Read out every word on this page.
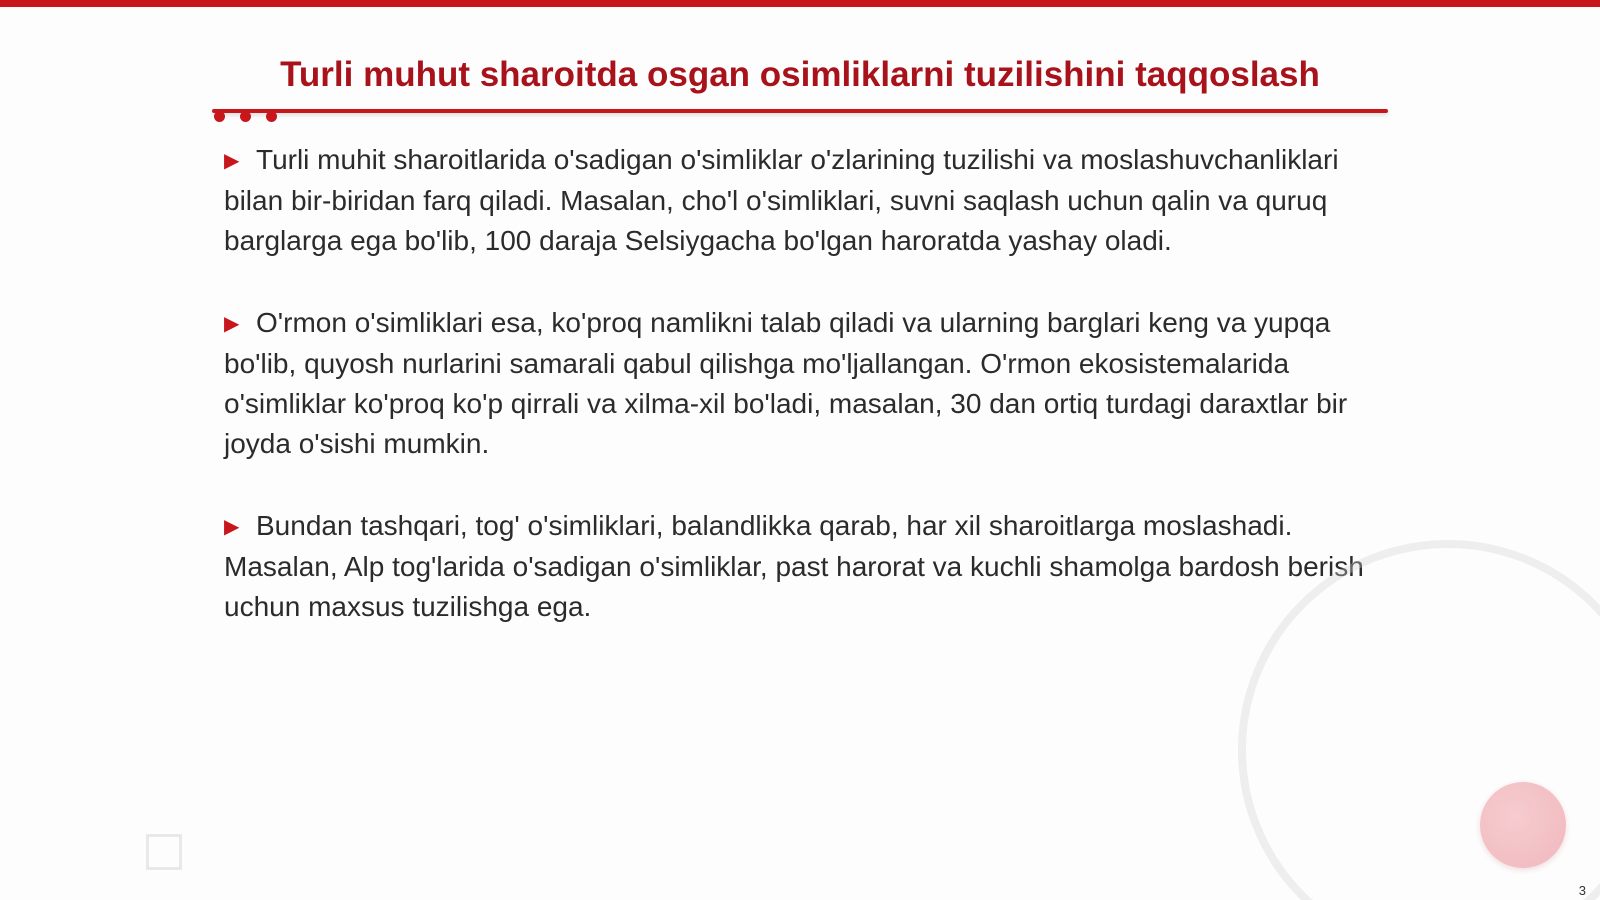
Turli muhut sharoitda osgan osimliklarni tuzilishini taqqoslash

▶ Turli muhit sharoitlarida o'sadigan o'simliklar o'zlarining tuzilishi va moslashuvchanliklari bilan bir-biridan farq qiladi. Masalan, cho'l o'simliklari, suvni saqlash uchun qalin va quruq barglarga ega bo'lib, 100 daraja Selsiygacha bo'lgan haroratda yashay oladi.

▶ O'rmon o'simliklari esa, ko'proq namlikni talab qiladi va ularning barglari keng va yupqa bo'lib, quyosh nurlarini samarali qabul qilishga mo'ljallangan. O'rmon ekosistemalarida o'simliklar ko'proq ko'p qirrali va xilma-xil bo'ladi, masalan, 30 dan ortiq turdagi daraxtlar bir joyda o'sishi mumkin.

▶ Bundan tashqari, tog' o'simliklari, balandlikka qarab, har xil sharoitlarga moslashadi. Masalan, Alp tog'larida o'sadigan o'simliklar, past harorat va kuchli shamolga bardosh berish uchun maxsus tuzilishga ega.

3
